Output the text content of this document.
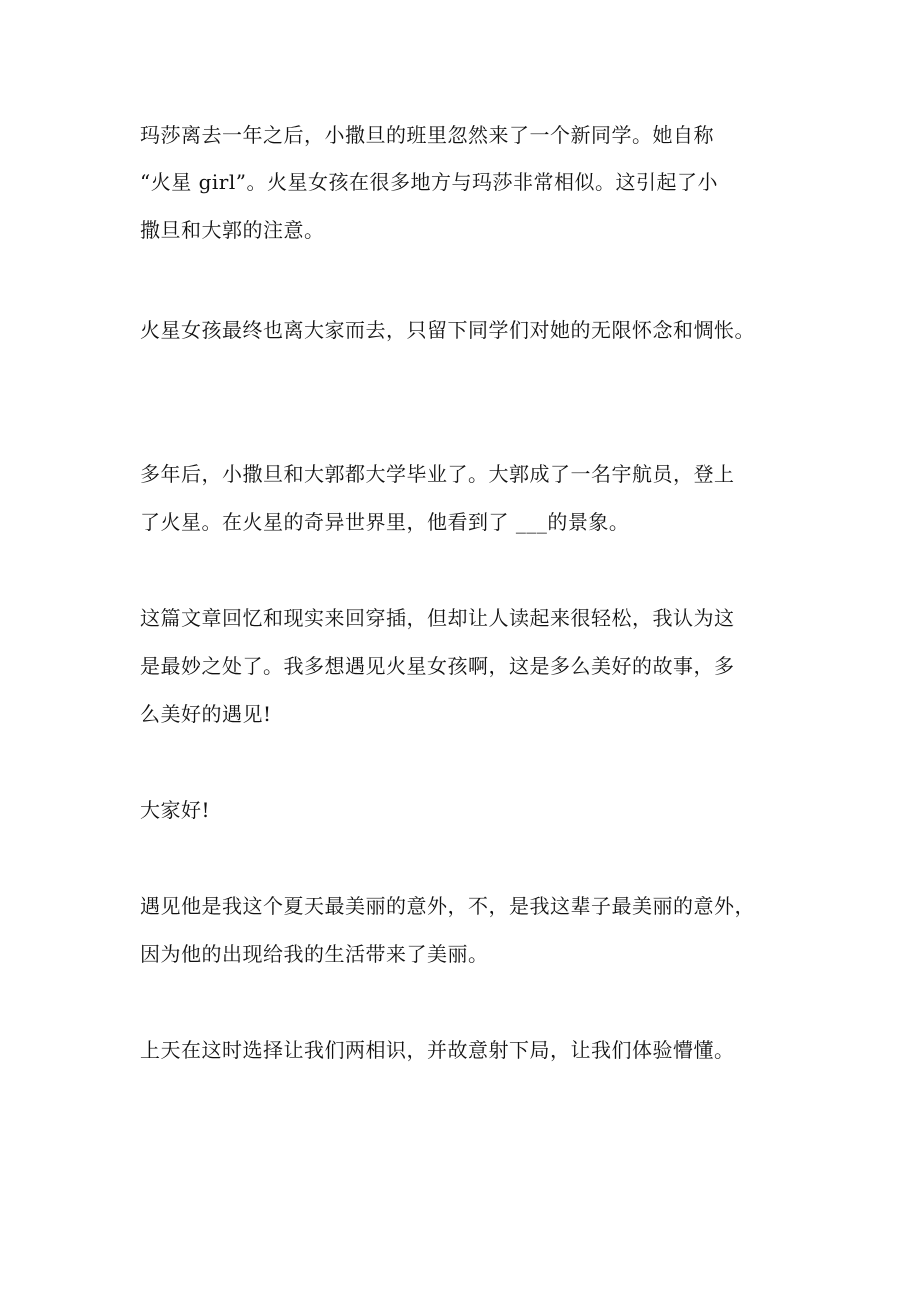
玛莎离去一年之后，小撒旦的班里忽然来了一个新同学。她自称
“火星 girl”。火星女孩在很多地方与玛莎非常相似。这引起了小
撒旦和大郭的注意。
火星女孩最终也离大家而去，只留下同学们对她的无限怀念和惆怅。
多年后，小撒旦和大郭都大学毕业了。大郭成了一名宇航员，登上
了火星。在火星的奇异世界里，他看到了 ___的景象。
这篇文章回忆和现实来回穿插，但却让人读起来很轻松，我认为这
是最妙之处了。我多想遇见火星女孩啊，这是多么美好的故事，多
么美好的遇见!
大家好!
遇见他是我这个夏天最美丽的意外，不，是我这辈子最美丽的意外，
因为他的出现给我的生活带来了美丽。
上天在这时选择让我们两相识，并故意射下局，让我们体验懵懂。
